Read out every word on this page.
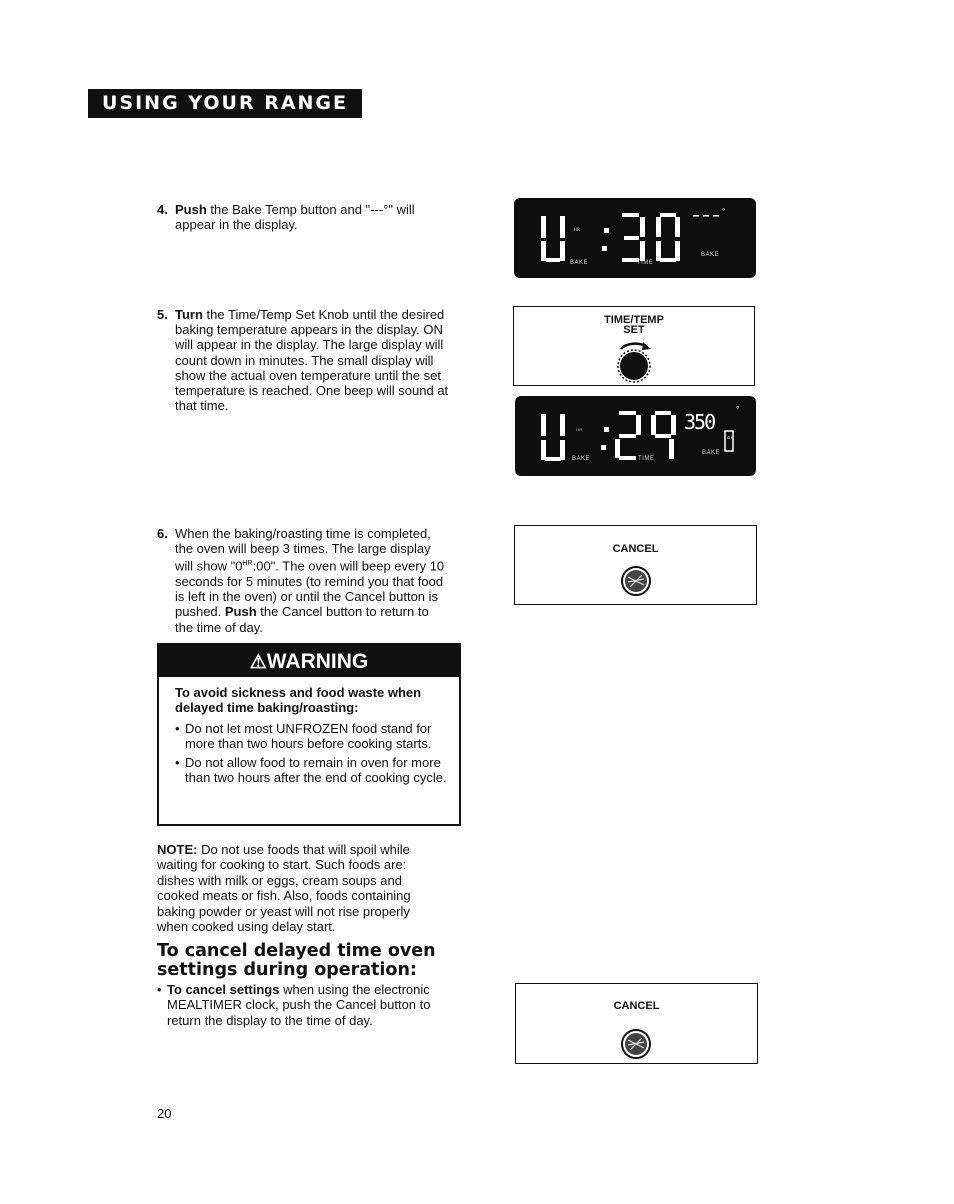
USING YOUR RANGE
4. Push the Bake Temp button and "---°" will appear in the display.
5. Turn the Time/Temp Set Knob until the desired baking temperature appears in the display. ON will appear in the display. The large display will count down in minutes. The small display will show the actual oven temperature until the set temperature is reached. One beep will sound at that time.
6. When the baking/roasting time is completed, the oven will beep 3 times. The large display will show "$0^{HR}:00$". The oven will beep every 10 seconds for 5 minutes (to remind you that food is left in the oven) or until the Cancel button is pushed. Push the Cancel button to return to the time of day.
HR
°
BAKE	TIME
BAKE
TIME/TEMP
SET
HR	350
°
ON
BAKE	TIME
BAKE
CANCEL
⚠WARNING
To avoid sickness and food waste when delayed time baking/roasting:
• Do not let most UNFROZEN food stand for more than two hours before cooking starts.
• Do not allow food to remain in oven for more than two hours after the end of cooking cycle.
NOTE: Do not use foods that will spoil while waiting for cooking to start. Such foods are: dishes with milk or eggs, cream soups and cooked meats or fish. Also, foods containing baking powder or yeast will not rise properly when cooked using delay start.
To cancel delayed time oven settings during operation:
• To cancel settings when using the electronic MEALTIMER clock, push the Cancel button to return the display to the time of day.
CANCEL
20
